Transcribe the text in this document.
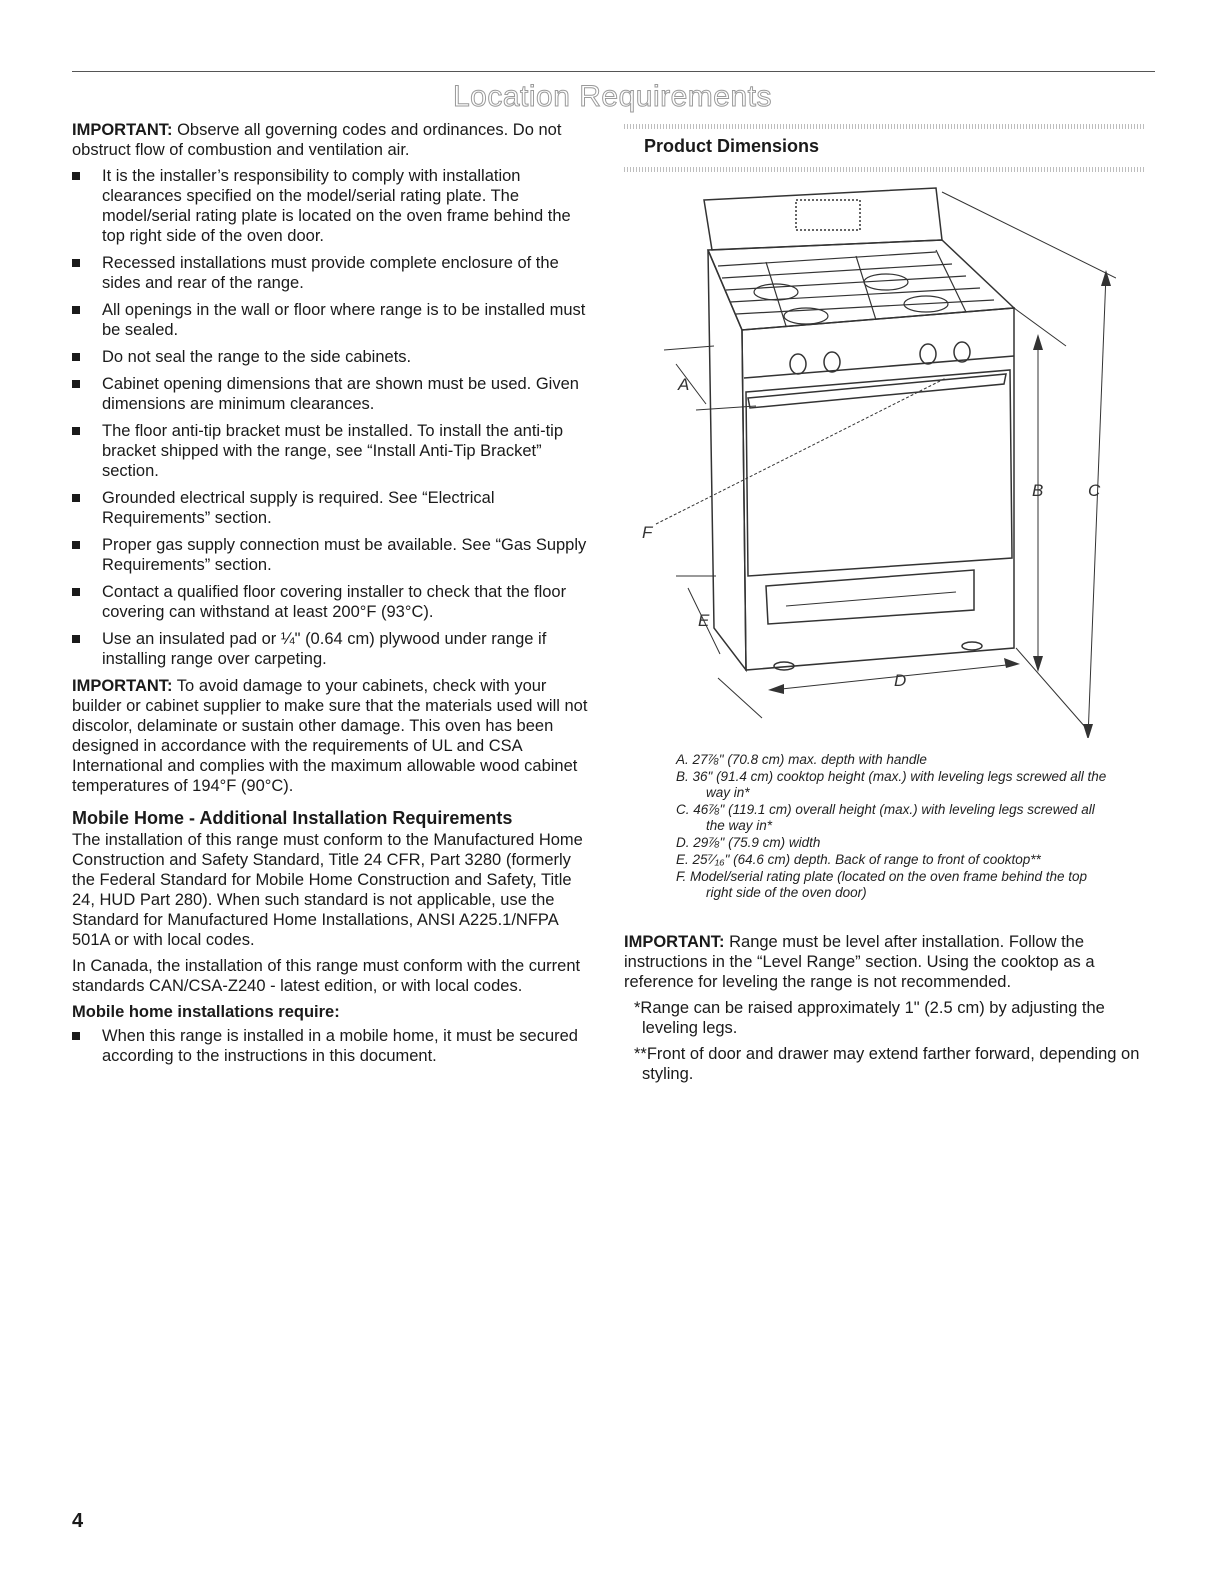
Location Requirements

IMPORTANT: Observe all governing codes and ordinances. Do not obstruct flow of combustion and ventilation air.

It is the installer’s responsibility to comply with installation clearances specified on the model/serial rating plate. The model/serial rating plate is located on the oven frame behind the top right side of the oven door.
Recessed installations must provide complete enclosure of the sides and rear of the range.
All openings in the wall or floor where range is to be installed must be sealed.
Do not seal the range to the side cabinets.
Cabinet opening dimensions that are shown must be used. Given dimensions are minimum clearances.
The floor anti-tip bracket must be installed. To install the anti-tip bracket shipped with the range, see “Install Anti-Tip Bracket” section.
Grounded electrical supply is required. See “Electrical Requirements” section.
Proper gas supply connection must be available. See “Gas Supply Requirements” section.
Contact a qualified floor covering installer to check that the floor covering can withstand at least 200°F (93°C).
Use an insulated pad or ¼" (0.64 cm) plywood under range if installing range over carpeting.

IMPORTANT: To avoid damage to your cabinets, check with your builder or cabinet supplier to make sure that the materials used will not discolor, delaminate or sustain other damage. This oven has been designed in accordance with the requirements of UL and CSA International and complies with the maximum allowable wood cabinet temperatures of 194°F (90°C).

Mobile Home - Additional Installation Requirements

The installation of this range must conform to the Manufactured Home Construction and Safety Standard, Title 24 CFR, Part 3280 (formerly the Federal Standard for Mobile Home Construction and Safety, Title 24, HUD Part 280). When such standard is not applicable, use the Standard for Manufactured Home Installations, ANSI A225.1/NFPA 501A or with local codes.

In Canada, the installation of this range must conform with the current standards CAN/CSA-Z240 - latest edition, or with local codes.

Mobile home installations require:
When this range is installed in a mobile home, it must be secured according to the instructions in this document.
Product Dimensions
A
B	C
D
E
F
A. 27⅞" (70.8 cm) max. depth with handle
B. 36" (91.4 cm) cooktop height (max.) with leveling legs screwed all the way in*
C. 46⅞" (119.1 cm) overall height (max.) with leveling legs screwed all the way in*
D. 29⅞" (75.9 cm) width
E. 25⁷⁄₁₆" (64.6 cm) depth. Back of range to front of cooktop**
F. Model/serial rating plate (located on the oven frame behind the top right side of the oven door)

IMPORTANT: Range must be level after installation. Follow the instructions in the “Level Range” section. Using the cooktop as a reference for leveling the range is not recommended.

*Range can be raised approximately 1" (2.5 cm) by adjusting the leveling legs.

**Front of door and drawer may extend farther forward, depending on styling.

4
